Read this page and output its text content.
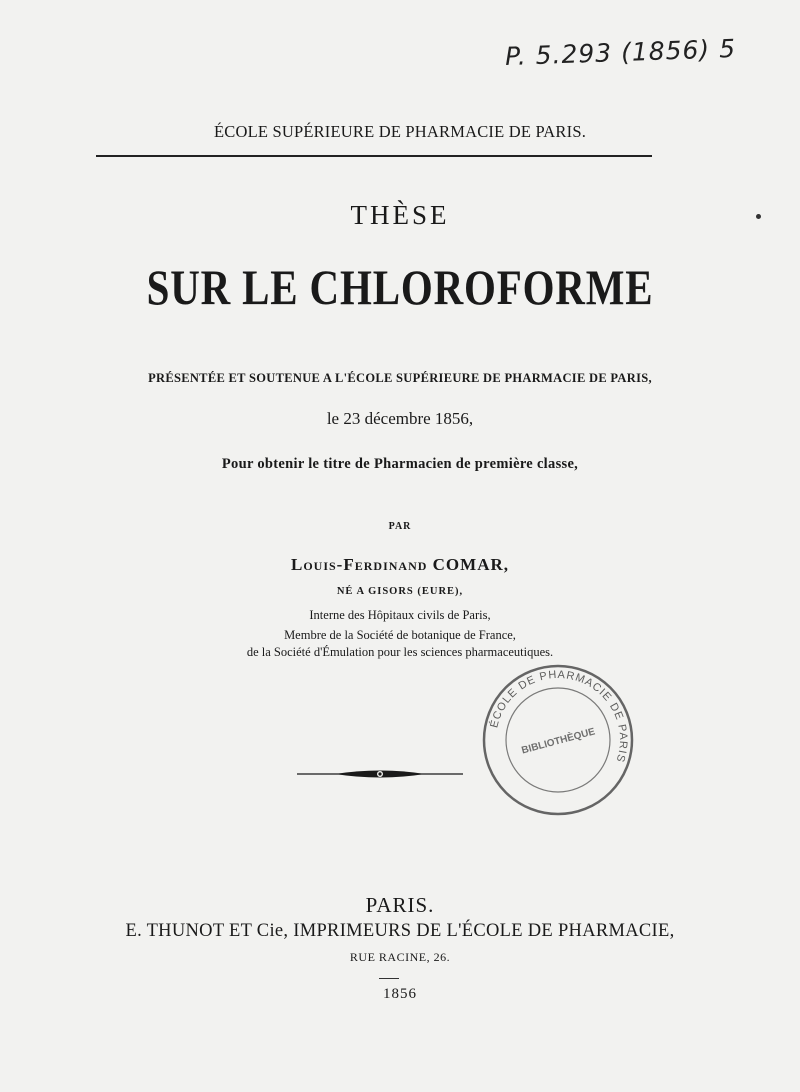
P. 5.293 (1856) 5
ÉCOLE SUPÉRIEURE DE PHARMACIE DE PARIS.
THÈSE
SUR LE CHLOROFORME
PRÉSENTÉE ET SOUTENUE A L'ÉCOLE SUPÉRIEURE DE PHARMACIE DE PARIS,
le 23 décembre 1856,
Pour obtenir le titre de Pharmacien de première classe,
PAR
Louis-Ferdinand COMAR,
NÉ A GISORS (EURE),
Interne des Hôpitaux civils de Paris,
Membre de la Société de botanique de France,
de la Société d'Émulation pour les sciences pharmaceutiques.
ÉCOLE DE PHARMACIE DE PARIS
BIBLIOTHÈQUE
PARIS.
E. THUNOT ET Cie, IMPRIMEURS DE L'ÉCOLE DE PHARMACIE,
RUE RACINE, 26.
1856
